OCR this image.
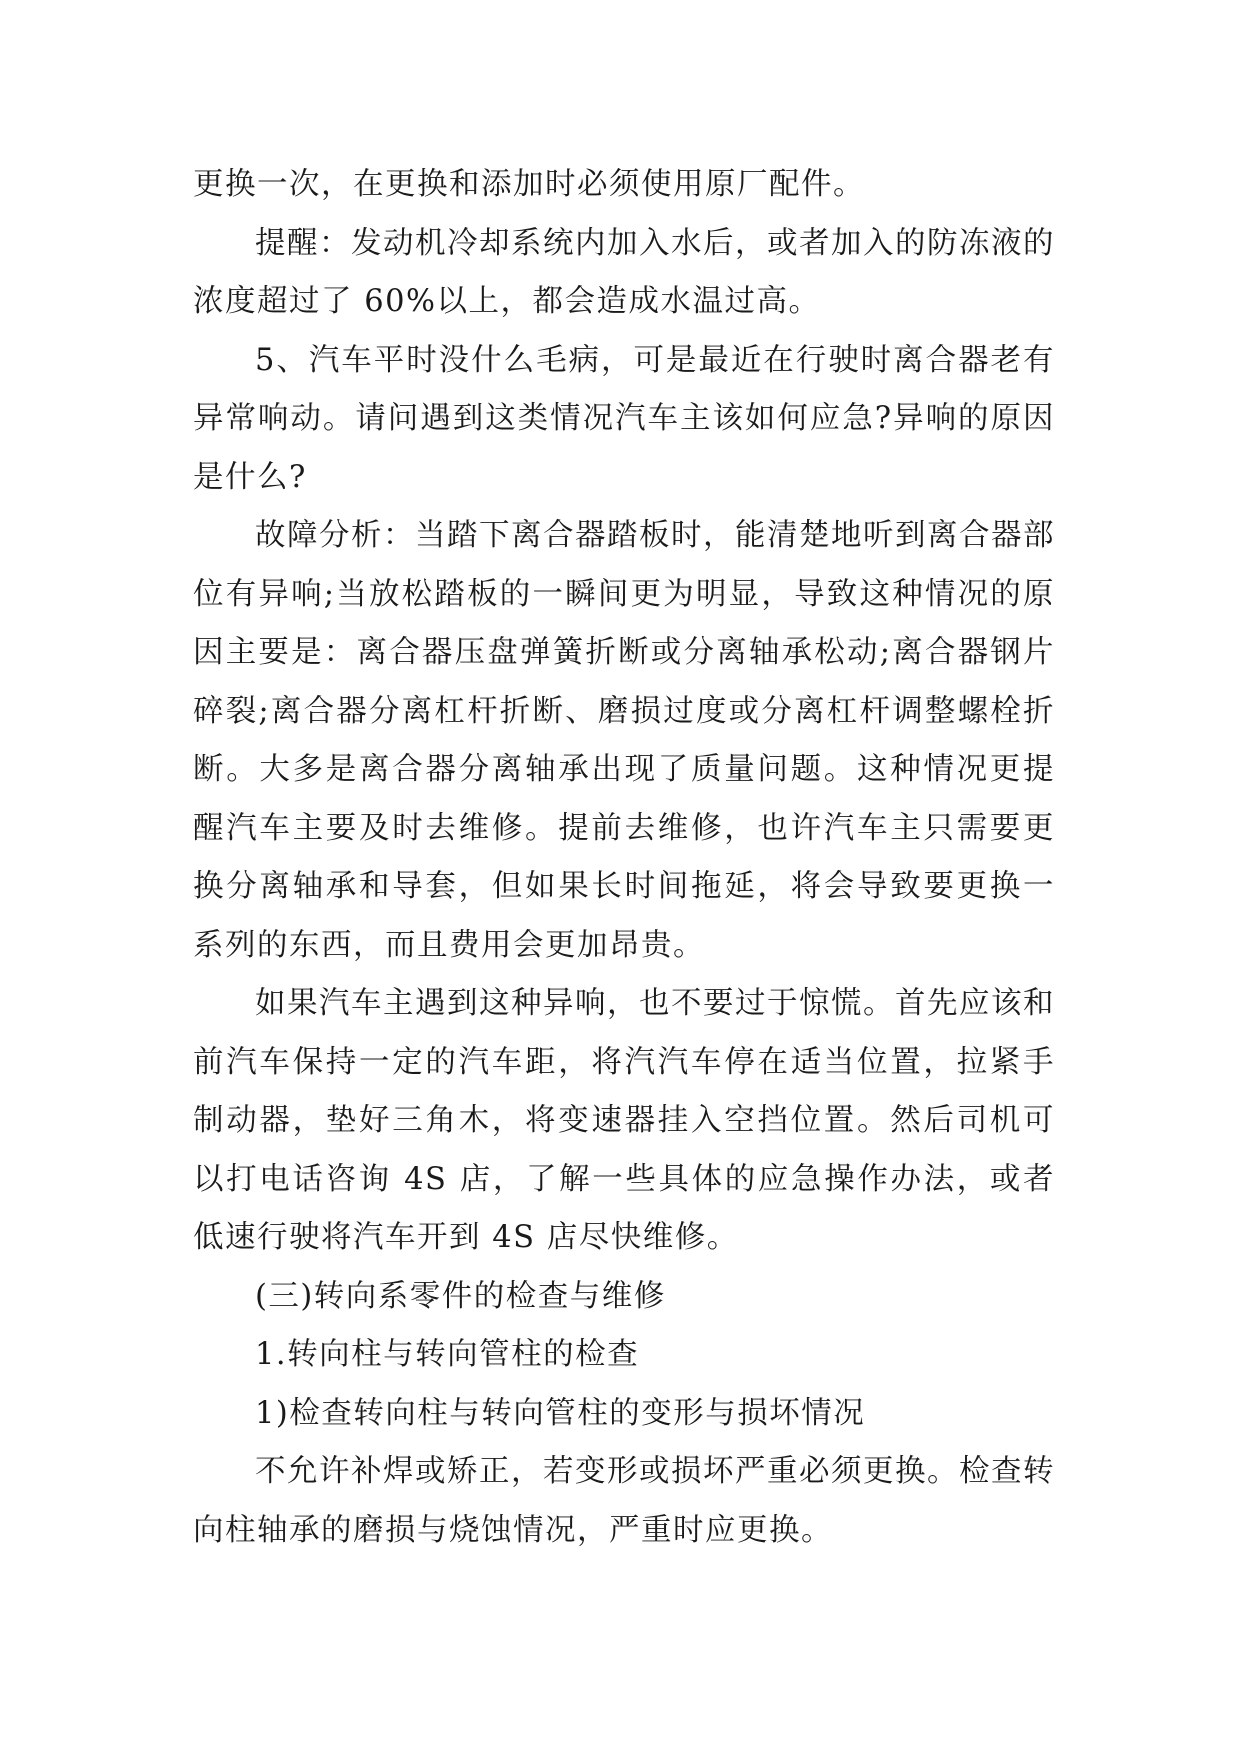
更换一次，在更换和添加时必须使用原厂配件。

提醒：发动机冷却系统内加入水后，或者加入的防冻液的浓度超过了 60%以上，都会造成水温过高。

5、汽车平时没什么毛病，可是最近在行驶时离合器老有异常响动。请问遇到这类情况汽车主该如何应急?异响的原因是什么?

故障分析：当踏下离合器踏板时，能清楚地听到离合器部位有异响;当放松踏板的一瞬间更为明显，导致这种情况的原因主要是：离合器压盘弹簧折断或分离轴承松动;离合器钢片碎裂;离合器分离杠杆折断、磨损过度或分离杠杆调整螺栓折断。大多是离合器分离轴承出现了质量问题。这种情况更提醒汽车主要及时去维修。提前去维修，也许汽车主只需要更换分离轴承和导套，但如果长时间拖延，将会导致要更换一系列的东西，而且费用会更加昂贵。

如果汽车主遇到这种异响，也不要过于惊慌。首先应该和前汽车保持一定的汽车距，将汽汽车停在适当位置，拉紧手制动器，垫好三角木，将变速器挂入空挡位置。然后司机可以打电话咨询 4S 店，了解一些具体的应急操作办法，或者低速行驶将汽车开到 4S 店尽快维修。

(三)转向系零件的检查与维修

1.转向柱与转向管柱的检查

1)检查转向柱与转向管柱的变形与损坏情况

不允许补焊或矫正，若变形或损坏严重必须更换。检查转向柱轴承的磨损与烧蚀情况，严重时应更换。
